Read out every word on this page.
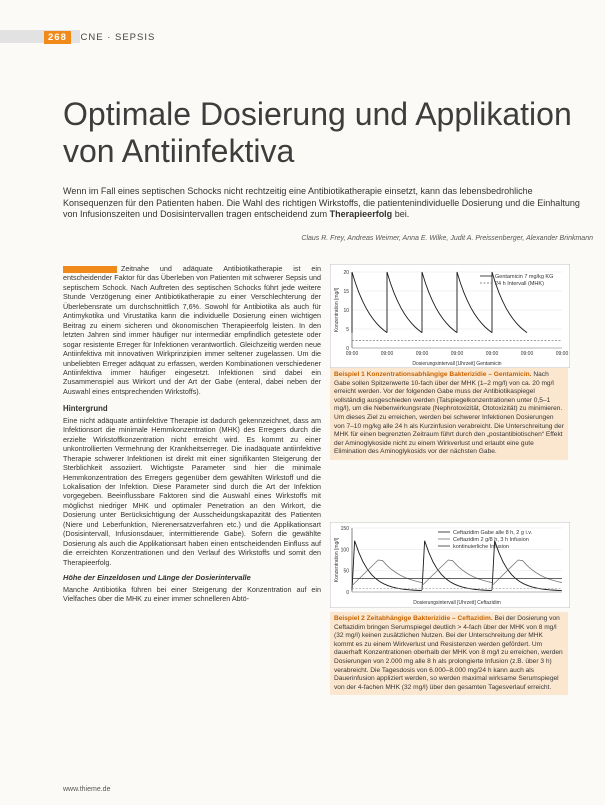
268 CNE · SEPSIS
Optimale Dosierung und Applikation von Antiinfektiva

Wenn im Fall eines septischen Schocks nicht rechtzeitig eine Antibiotikatherapie einsetzt, kann das lebensbedrohliche Konsequenzen für den Patienten haben. Die Wahl des richtigen Wirkstoffs, die patientenindividuelle Dosierung und die Einhaltung von Infusionszeiten und Dosisintervallen tragen entscheidend zum Therapieerfolg bei.

Claus R. Frey, Andreas Weimer, Anna E. Wilke, Judit A. Preissenberger, Alexander Brinkmann

Zeitnahe und adäquate Antibiotikatherapie ist ein entscheidender Faktor für das Überleben von Patienten mit schwerer Sepsis und septischem Schock. Nach Auftreten des septischen Schocks führt jede weitere Stunde Verzögerung einer Antibiotikatherapie zu einer Verschlechterung der Überlebensrate um durchschnittlich 7,6%. Sowohl für Antibiotika als auch für Antimykotika und Virustatika kann die individuelle Dosierung einen wichtigen Beitrag zu einem sicheren und ökonomischen Therapieerfolg leisten. In den letzten Jahren sind immer häufiger nur intermediär empfindlich getestete oder sogar resistente Erreger für Infektionen verantwortlich. Gleichzeitig werden neue Antiinfektiva mit innovativen Wirkprinzipien immer seltener zugelassen. Um die unbeliebten Erreger adäquat zu erfassen, werden Kombinationen verschiedener Antiinfektiva immer häufiger eingesetzt. Infektionen sind dabei ein Zusammenspiel aus Wirkort und der Art der Gabe (enteral, dabei neben der Auswahl eines entsprechenden Wirkstoffs).

Hintergrund

Eine nicht adäquate antiinfektive Therapie ist dadurch gekennzeichnet, dass am Infektionsort die minimale Hemmkonzentration (MHK) des Erregers durch die erzielte Wirkstoffkonzentration nicht erreicht wird. Es kommt zu einer unkontrollierten Vermehrung der Krankheitserreger. Die inadäquate antiinfektive Therapie schwerer Infektionen ist direkt mit einer signifikanten Steigerung der Sterblichkeit assoziiert. Wichtigste Parameter sind hier die minimale Hemmkonzentration des Erregers gegenüber dem gewählten Wirkstoff und die Lokalisation der Infektion. Diese Parameter sind durch die Art der Infektion vorgegeben. Beeinflussbare Faktoren sind die Auswahl eines Wirkstoffs mit möglichst niedriger MHK und optimaler Penetration an den Wirkort, die Dosierung unter Berücksichtigung der Ausscheidungskapazität des Patienten (Niere und Leberfunktion, Nierenersatzverfahren etc.) und die Applikationsart (Dosisintervall, Infusionsdauer, intermittierende Gabe). Sofern die gewählte Dosierung als auch die Applikationsart haben einen entscheidenden Einfluss auf die erreichten Konzentrationen und den Verlauf des Wirkstoffs und somit den Therapieerfolg.

Höhe der Einzeldosen und Länge der Dosierintervalle

Manche Antibiotika führen bei einer Steigerung der Konzentration auf ein Vielfaches über die MHK zu einer immer schnelleren Abtö-

0
5
10
15
20
09:00	09:00	09:00	09:00	09:00	09:00	09:00
Konzentration [mg/l]
Dosierungsintervall [Uhrzeit] Gentamicin
Gentamicin 7 mg/kg KG
24 h Intervall (MHK)
Beispiel 1 Konzentrationsabhängige Bakterizidie – Gentamicin. Nach Gabe sollen Spitzenwerte 10-fach über der MHK (1–2 mg/l) von ca. 20 mg/l erreicht werden. Vor der folgenden Gabe muss der Antibiotikaspiegel vollständig ausgeschieden werden (Talspiegelkonzentrationen unter 0,5–1 mg/l), um die Nebenwirkungsrate (Nephrotoxizität, Ototoxizität) zu minimieren. Um dieses Ziel zu erreichen, werden bei schwerer Infektionen Dosierungen von 7–10 mg/kg alle 24 h als Kurzinfusion verabreicht. Die Unterschreitung der MHK für einen begrenzten Zeitraum führt durch den „postantibiotischen“ Effekt der Aminoglykoside nicht zu einem Wirkverlust und erlaubt eine gute Elimination des Aminoglykosids vor der nächsten Gabe.
0
50
100
150
Konzentration [mg/l]
Dosierungsintervall [Uhrzeit] Ceftazidim
Ceftazidim Gabe alle 8 h, 2 g i.v.
Ceftazidim 2 g/8 h, 3 h Infusion
kontinuierliche Infusion
Beispiel 2 Zeitabhängige Bakterizidie – Ceftazidim. Bei der Dosierung von Ceftazidim bringen Serumspiegel deutlich > 4-fach über der MHK von 8 mg/l (32 mg/l) keinen zusätzlichen Nutzen. Bei der Unterschreitung der MHK kommt es zu einem Wirkverlust und Resistenzen werden gefördert. Um dauerhaft Konzentrationen oberhalb der MHK von 8 mg/l zu erreichen, werden Dosierungen von 2.000 mg alle 8 h als prolongierte Infusion (z.B. über 3 h) verabreicht. Die Tagesdosis von 6.000–8.000 mg/24 h kann auch als Dauerinfusion appliziert werden, so werden maximal wirksame Serumspiegel von der 4-fachen MHK (32 mg/l) über den gesamten Tagesverlauf erreicht.
www.thieme.de
